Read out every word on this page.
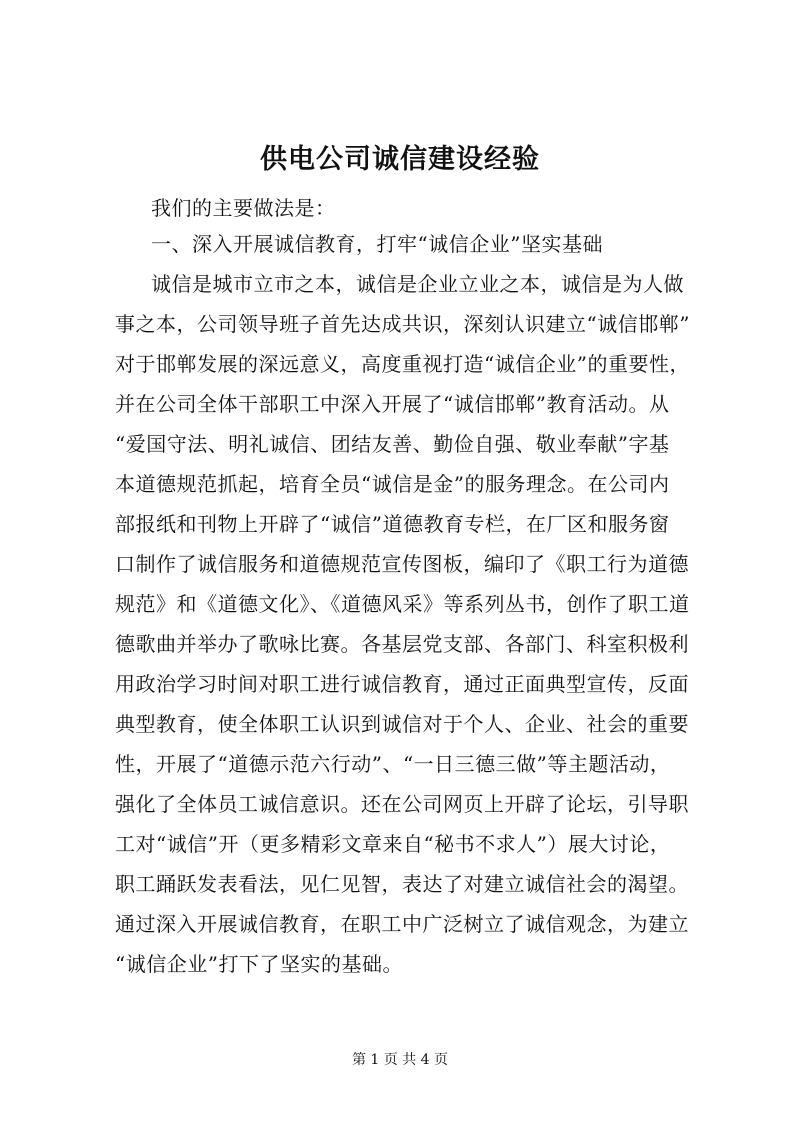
供电公司诚信建设经验
我们的主要做法是：
一、深入开展诚信教育，打牢“诚信企业”坚实基础
诚信是城市立市之本，诚信是企业立业之本，诚信是为人做
事之本，公司领导班子首先达成共识，深刻认识建立“诚信邯郸”
对于邯郸发展的深远意义，高度重视打造“诚信企业”的重要性，
并在公司全体干部职工中深入开展了“诚信邯郸”教育活动。从
“爱国守法、明礼诚信、团结友善、勤俭自强、敬业奉献”字基
本道德规范抓起，培育全员“诚信是金”的服务理念。在公司内
部报纸和刊物上开辟了“诚信”道德教育专栏，在厂区和服务窗
口制作了诚信服务和道德规范宣传图板，编印了《职工行为道德
规范》和《道德文化》、《道德风采》等系列丛书，创作了职工道
德歌曲并举办了歌咏比赛。各基层党支部、各部门、科室积极利
用政治学习时间对职工进行诚信教育，通过正面典型宣传，反面
典型教育，使全体职工认识到诚信对于个人、企业、社会的重要
性，开展了“道德示范六行动”、“一日三德三做”等主题活动，
强化了全体员工诚信意识。还在公司网页上开辟了论坛，引导职
工对“诚信”开（更多精彩文章来自“秘书不求人”）展大讨论，
职工踊跃发表看法，见仁见智，表达了对建立诚信社会的渴望。
通过深入开展诚信教育，在职工中广泛树立了诚信观念，为建立
“诚信企业”打下了坚实的基础。
第 1 页 共 4 页
